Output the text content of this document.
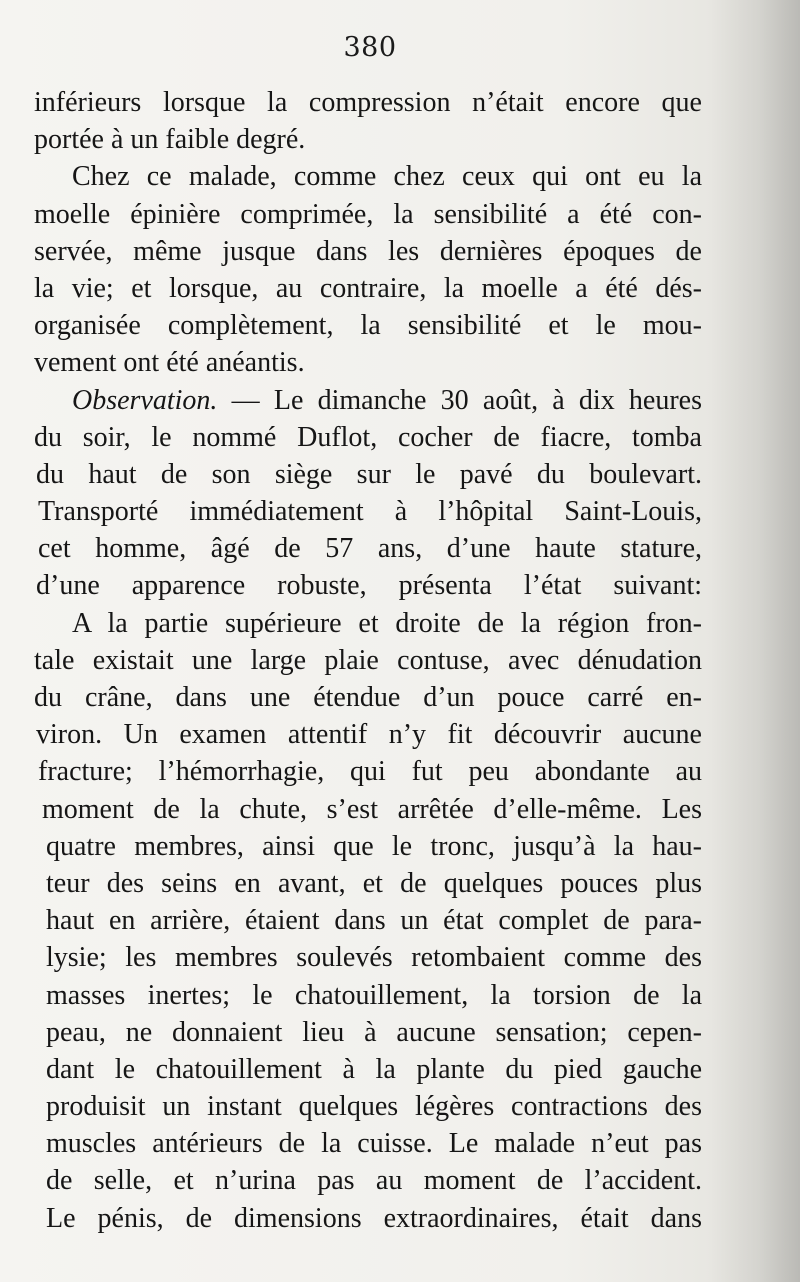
380
inférieurs lorsque la compression n’était encore que
portée à un faible degré.
Chez ce malade, comme chez ceux qui ont eu la
moelle épinière comprimée, la sensibilité a été con-
servée, même jusque dans les dernières époques de
la vie; et lorsque, au contraire, la moelle a été dés-
organisée complètement, la sensibilité et le mou-
vement ont été anéantis.
Observation. — Le dimanche 30 août, à dix heures
du soir, le nommé Duflot, cocher de fiacre, tomba
du haut de son siège sur le pavé du boulevart.
Transporté immédiatement à l’hôpital Saint-Louis,
cet homme, âgé de 57 ans, d’une haute stature,
d’une apparence robuste, présenta l’état suivant:
A la partie supérieure et droite de la région fron-
tale existait une large plaie contuse, avec dénudation
du crâne, dans une étendue d’un pouce carré en-
viron. Un examen attentif n’y fit découvrir aucune
fracture; l’hémorrhagie, qui fut peu abondante au
moment de la chute, s’est arrêtée d’elle-même. Les
quatre membres, ainsi que le tronc, jusqu’à la hau-
teur des seins en avant, et de quelques pouces plus
haut en arrière, étaient dans un état complet de para-
lysie; les membres soulevés retombaient comme des
masses inertes; le chatouillement, la torsion de la
peau, ne donnaient lieu à aucune sensation; cepen-
dant le chatouillement à la plante du pied gauche
produisit un instant quelques légères contractions des
muscles antérieurs de la cuisse. Le malade n’eut pas
de selle, et n’urina pas au moment de l’accident.
Le pénis, de dimensions extraordinaires, était dans
